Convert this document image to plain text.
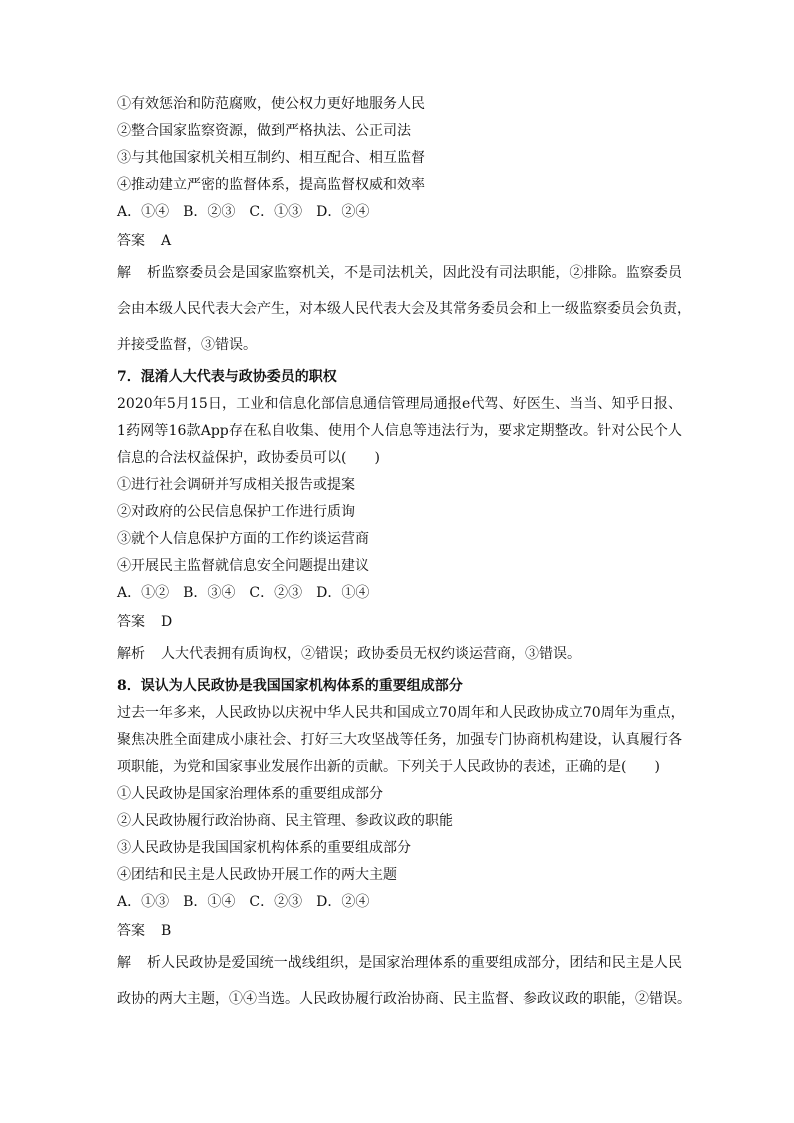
①有效惩治和防范腐败，使公权力更好地服务人民
②整合国家监察资源，做到严格执法、公正司法
③与其他国家机关相互制约、相互配合、相互监督
④推动建立严密的监督体系，提高监督权威和效率
A．①④　B．②③　C．①③　D．②④
答案 A
解析监察委员会是国家监察机关，不是司法机关，因此没有司法职能，②排除。监察委员
会由本级人民代表大会产生，对本级人民代表大会及其常务委员会和上一级监察委员会负责，
并接受监督，③错误。
7．混淆人大代表与政协委员的职权
2020年5月15日，工业和信息化部信息通信管理局通报e代驾、好医生、当当、知乎日报、
1药网等16款App存在私自收集、使用个人信息等违法行为，要求定期整改。针对公民个人
信息的合法权益保护，政协委员可以(　　)
①进行社会调研并写成相关报告或提案
②对政府的公民信息保护工作进行质询
③就个人信息保护方面的工作约谈运营商
④开展民主监督就信息安全问题提出建议
A．①②　B．③④　C．②③　D．①④
答案 D
解析 人大代表拥有质询权，②错误；政协委员无权约谈运营商，③错误。
8．误认为人民政协是我国国家机构体系的重要组成部分
过去一年多来，人民政协以庆祝中华人民共和国成立70周年和人民政协成立70周年为重点，
聚焦决胜全面建成小康社会、打好三大攻坚战等任务，加强专门协商机构建设，认真履行各
项职能，为党和国家事业发展作出新的贡献。下列关于人民政协的表述，正确的是(　　)
①人民政协是国家治理体系的重要组成部分
②人民政协履行政治协商、民主管理、参政议政的职能
③人民政协是我国国家机构体系的重要组成部分
④团结和民主是人民政协开展工作的两大主题
A．①③　B．①④　C．②③　D．②④
答案 B
解析人民政协是爱国统一战线组织，是国家治理体系的重要组成部分，团结和民主是人民
政协的两大主题，①④当选。人民政协履行政治协商、民主监督、参政议政的职能，②错误。
